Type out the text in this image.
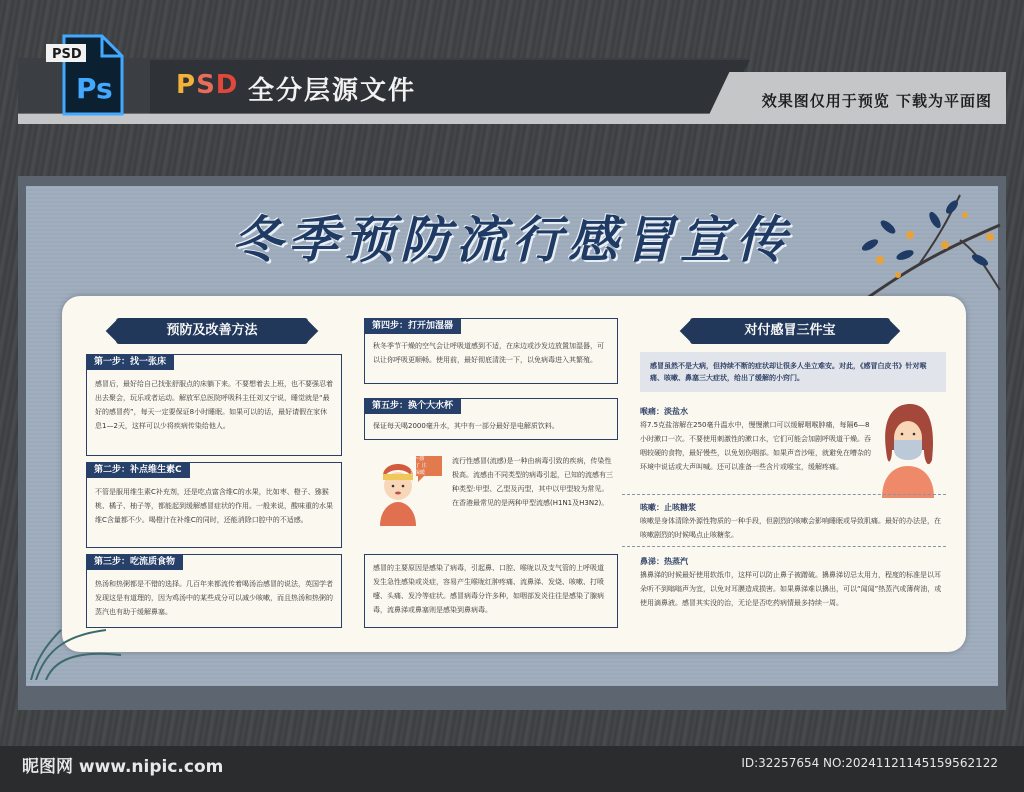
PSD
Ps PSD 全分层源文件	效果图仅用于预览 下载为平面图
冬季预防流行感冒宣传
预防及改善方法
第一步：找一张床

感冒后，最好给自己找张舒服点的床躺下来。不要想着去上班，也不要强忍着出去聚会，玩乐或者运动。解放军总医院呼吸科主任刘又宁说，睡觉就是“最好的感冒药”，每天一定要保证8小时睡眠。如果可以的话，最好请假在家休息1—2天，这样可以少将疾病传染给他人。

第二步：补点维生素C

不管是服用维生素C补充剂，还是吃点富含维C的水果，比如枣、橙子、猕猴桃、橘子、柚子等，都能起到缓解感冒症状的作用。一般来说，酸味重的水果维C含量都不少。喝橙汁在补维C的同时，还能消除口腔中的不适感。

第三步：吃流质食物

热汤和热粥都是不错的选择。几百年来都流传着喝汤治感冒的说法，英国学者发现这是有道理的，因为鸡汤中的某些成分可以减少咳嗽，而且热汤和热粥的蒸汽也有助于缓解鼻塞。

第四步：打开加湿器

秋冬季节干燥的空气会让呼吸道感到不适，在床边或沙发边放置加湿器，可以让你呼吸更顺畅。使用前，最好彻底清洗一下，以免病毒进入其繁殖。

第五步：换个大水杯

保证每天喝2000毫升水，其中有一部分最好是电解质饮料。

啊~感冒了 注意保暖

流行性感冒(流感)是一种由病毒引致的疾病，传染性极高。流感由不同类型的病毒引起，已知的流感有三种类型:甲型、乙型及丙型，其中以甲型较为常见。在香港最常见的是两种甲型流感(H1N1及H3N2)。

感冒的主要原因是感染了病毒，引起鼻、口腔、喉咙以及支气管的上呼吸道发生急性感染或炎症，容易产生喉咙红肿疼痛、流鼻涕、发烧、咳嗽、打喷嚏、头痛、发冷等症状。感冒病毒分许多种，如咽部发炎往往是感染了腺病毒，流鼻涕或鼻塞则是感染到鼻病毒。

对付感冒三件宝

感冒虽然不是大病，但持续不断的症状却让很多人坐立难安。对此，《感冒白皮书》针对喉痛、咳嗽、鼻塞三大症状，给出了缓解的小窍门。

喉痛：淡盐水

将7.5克盐溶解在250毫升温水中，慢慢漱口可以缓解咽喉肿痛，每隔6—8小时漱口一次。不要使用刺激性的漱口水，它们可能会加剧呼吸道干燥。吞咽较硬的食物，最好慢些，以免划伤咽部。如果声音沙哑，就避免在嘈杂的环境中说话或大声叫喊。还可以准备一些含片或喉宝，缓解疼痛。

咳嗽：止咳糖浆

咳嗽是身体清除外源性物质的一种手段，但剧烈的咳嗽会影响睡眠或导致肌痛。最好的办法是，在咳嗽剧烈的时候喝点止咳糖浆。

鼻涕：热蒸汽

擤鼻涕的时候最好使用软纸巾，这样可以防止鼻子被蹭破。擤鼻涕切忌太用力，程度的标准是以耳朵听不到嗡嗡声为宜，以免对耳膜造成损害。如果鼻涕难以擤出，可以“闻闻”热蒸汽或薄荷油，或使用滴鼻液。感冒其实没的治，无论是否吃药病情最多持续一周。

昵图网 www.nipic.com	ID:32257654 NO:20241121145159562122
